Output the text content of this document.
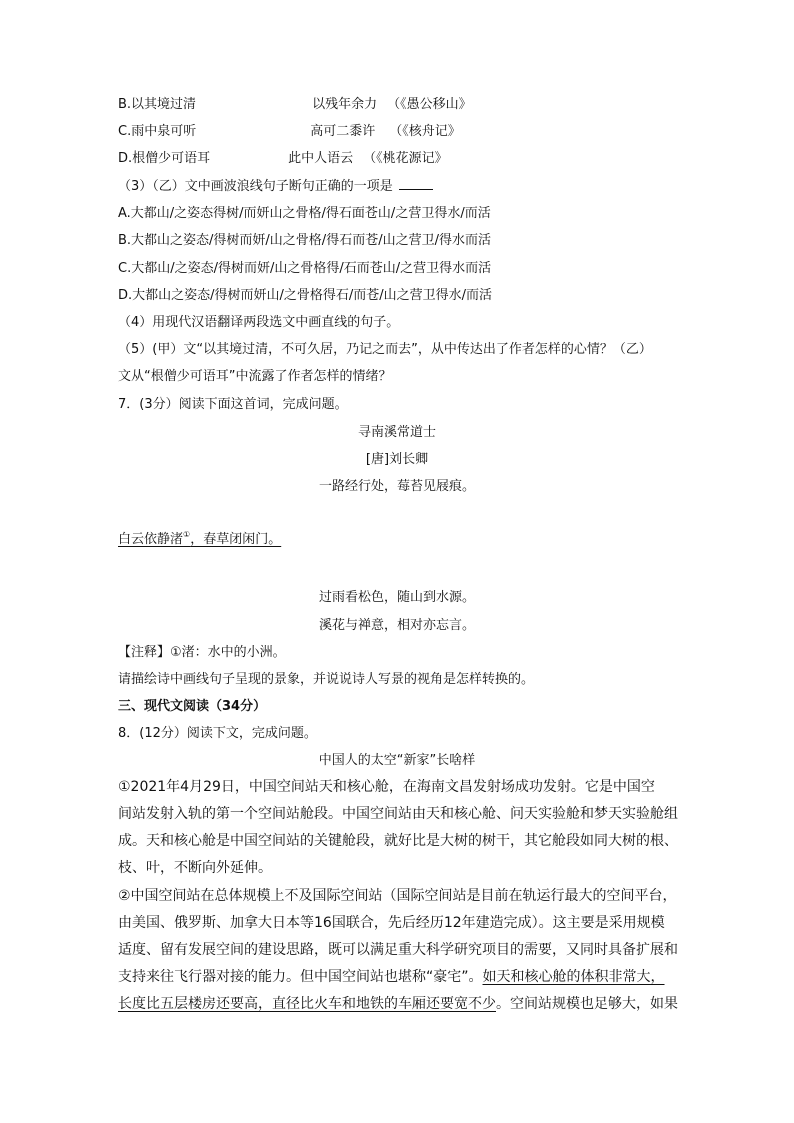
B.以其境过清	以残年余力 （《愚公移山》
C.雨中泉可听	高可二黍许 （《核舟记》
D.根僧少可语耳	此中人语云 （《桃花源记》
（3）（乙）文中画波浪线句子断句正确的一项是
A.大都山/之姿态得树/而妍山之骨格/得石面苍山/之营卫得水/而活
B.大都山之姿态/得树而妍/山之骨格/得石而苍/山之营卫/得水而活
C.大都山/之姿态/得树而妍/山之骨格得/石而苍山/之营卫得水而活
D.大都山之姿态/得树而妍山/之骨格得石/而苍/山之营卫得水/而活
（4）用现代汉语翻译两段选文中画直线的句子。
（5）(甲）文“以其境过清，不可久居，乃记之而去”，从中传达出了作者怎样的心情？（乙）
文从“根僧少可语耳”中流露了作者怎样的情绪？
7．(3分）阅读下面这首词，完成问题。
寻南溪常道士
[唐]刘长卿
一路经行处，莓苔见屐痕。
白云依静渚①，春草闭闲门。
过雨看松色，随山到水源。
溪花与禅意，相对亦忘言。
【注释】①渚：水中的小洲。
请描绘诗中画线句子呈现的景象，并说说诗人写景的视角是怎样转换的。
三、现代文阅读（34分）
8．(12分）阅读下文，完成问题。
中国人的太空“新家”长啥样
①2021年4月29日，中国空间站天和核心舱，在海南文昌发射场成功发射。它是中国空
间站发射入轨的第一个空间站舱段。中国空间站由天和核心舱、问天实验舱和梦天实验舱组
成。天和核心舱是中国空间站的关键舱段，就好比是大树的树干，其它舱段如同大树的根、
枝、叶，不断向外延伸。
②中国空间站在总体规模上不及国际空间站（国际空间站是目前在轨运行最大的空间平台，
由美国、俄罗斯、加拿大日本等16国联合，先后经历12年建造完成）。这主要是采用规模
适度、留有发展空间的建设思路，既可以满足重大科学研究项目的需要，又同时具备扩展和
支持来往飞行器对接的能力。但中国空间站也堪称“豪宅”。如天和核心舱的体积非常大，
长度比五层楼房还要高，直径比火车和地铁的车厢还要宽不少。空间站规模也足够大，如果
